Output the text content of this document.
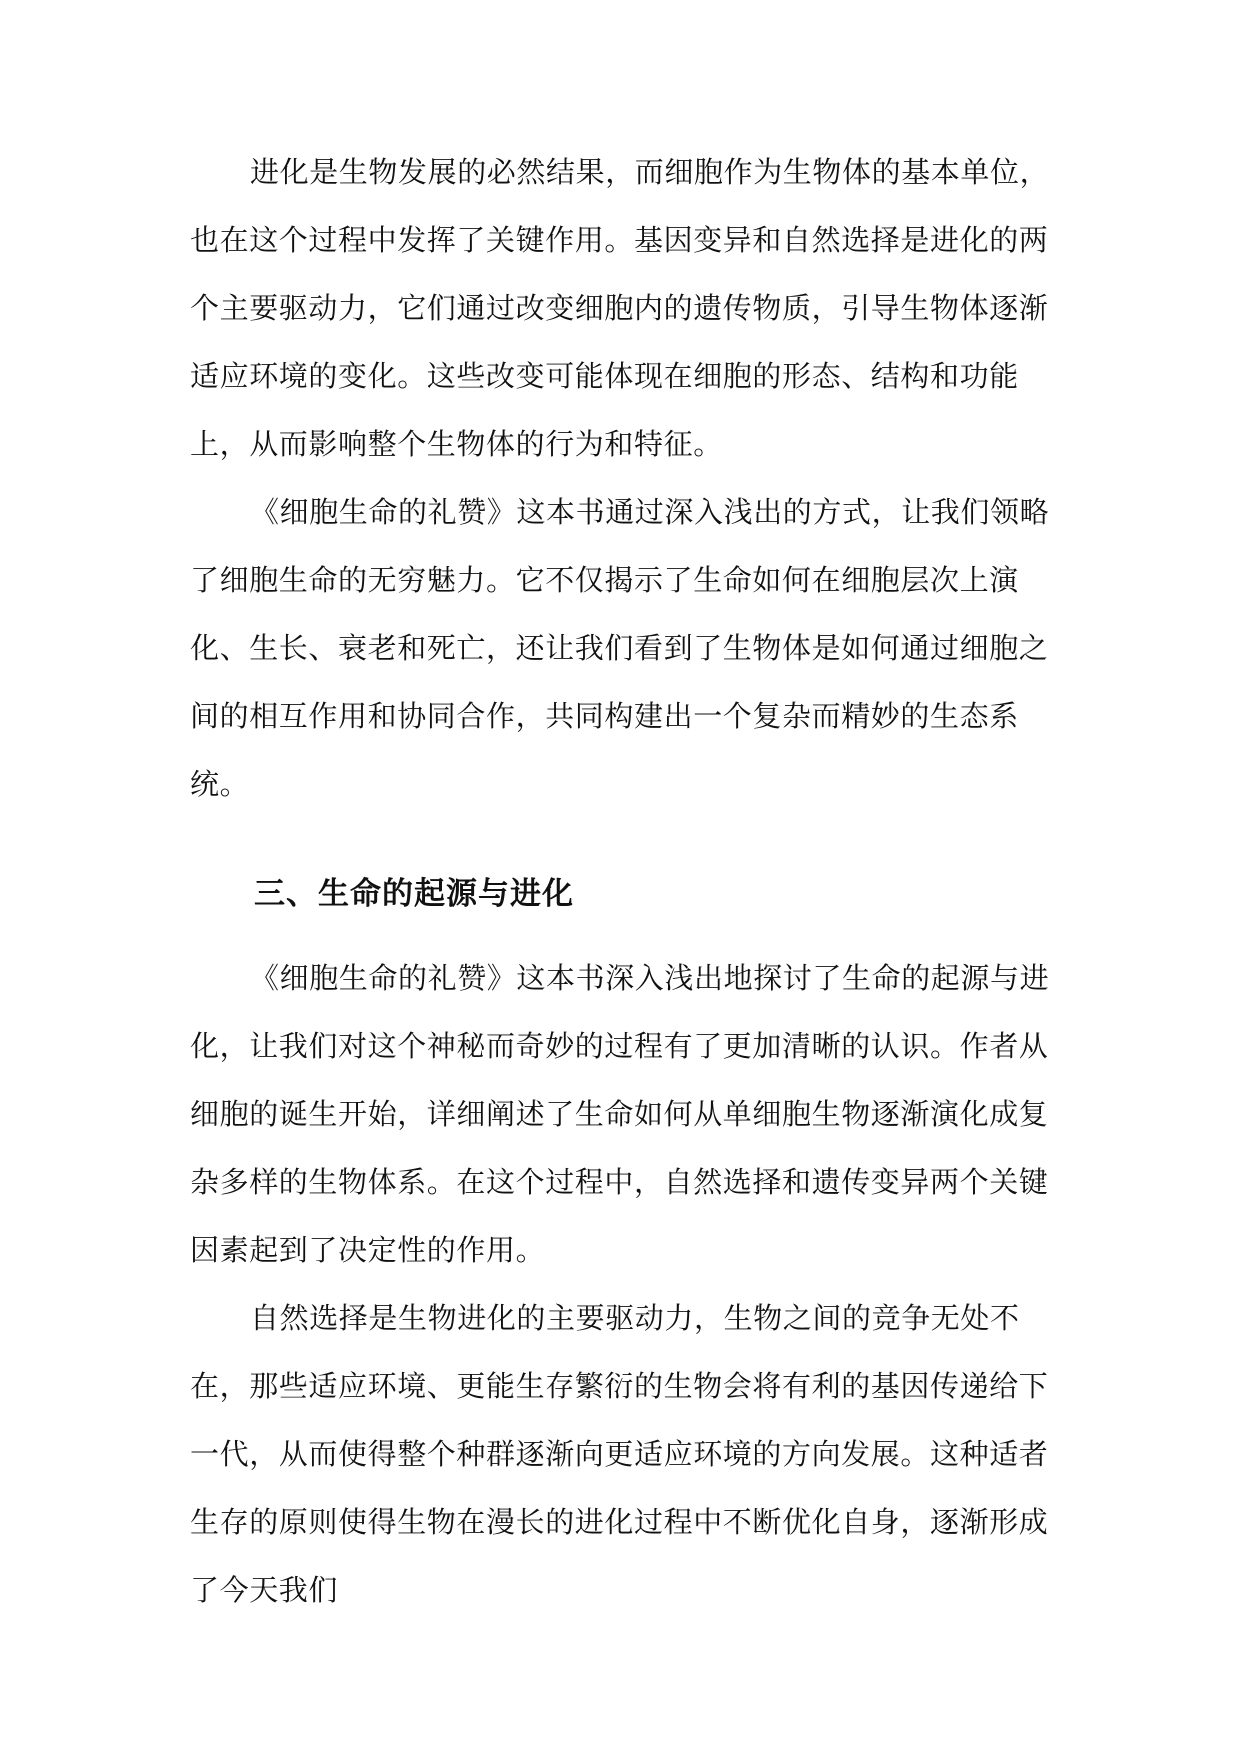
进化是生物发展的必然结果，而细胞作为生物体的基本单位，也在这个过程中发挥了关键作用。基因变异和自然选择是进化的两个主要驱动力，它们通过改变细胞内的遗传物质，引导生物体逐渐适应环境的变化。这些改变可能体现在细胞的形态、结构和功能上，从而影响整个生物体的行为和特征。

《细胞生命的礼赞》这本书通过深入浅出的方式，让我们领略了细胞生命的无穷魅力。它不仅揭示了生命如何在细胞层次上演化、生长、衰老和死亡，还让我们看到了生物体是如何通过细胞之间的相互作用和协同合作，共同构建出一个复杂而精妙的生态系统。

三、生命的起源与进化

《细胞生命的礼赞》这本书深入浅出地探讨了生命的起源与进化，让我们对这个神秘而奇妙的过程有了更加清晰的认识。作者从细胞的诞生开始，详细阐述了生命如何从单细胞生物逐渐演化成复杂多样的生物体系。在这个过程中，自然选择和遗传变异两个关键因素起到了决定性的作用。

自然选择是生物进化的主要驱动力，生物之间的竞争无处不在，那些适应环境、更能生存繁衍的生物会将有利的基因传递给下一代，从而使得整个种群逐渐向更适应环境的方向发展。这种适者生存的原则使得生物在漫长的进化过程中不断优化自身，逐渐形成了今天我们
